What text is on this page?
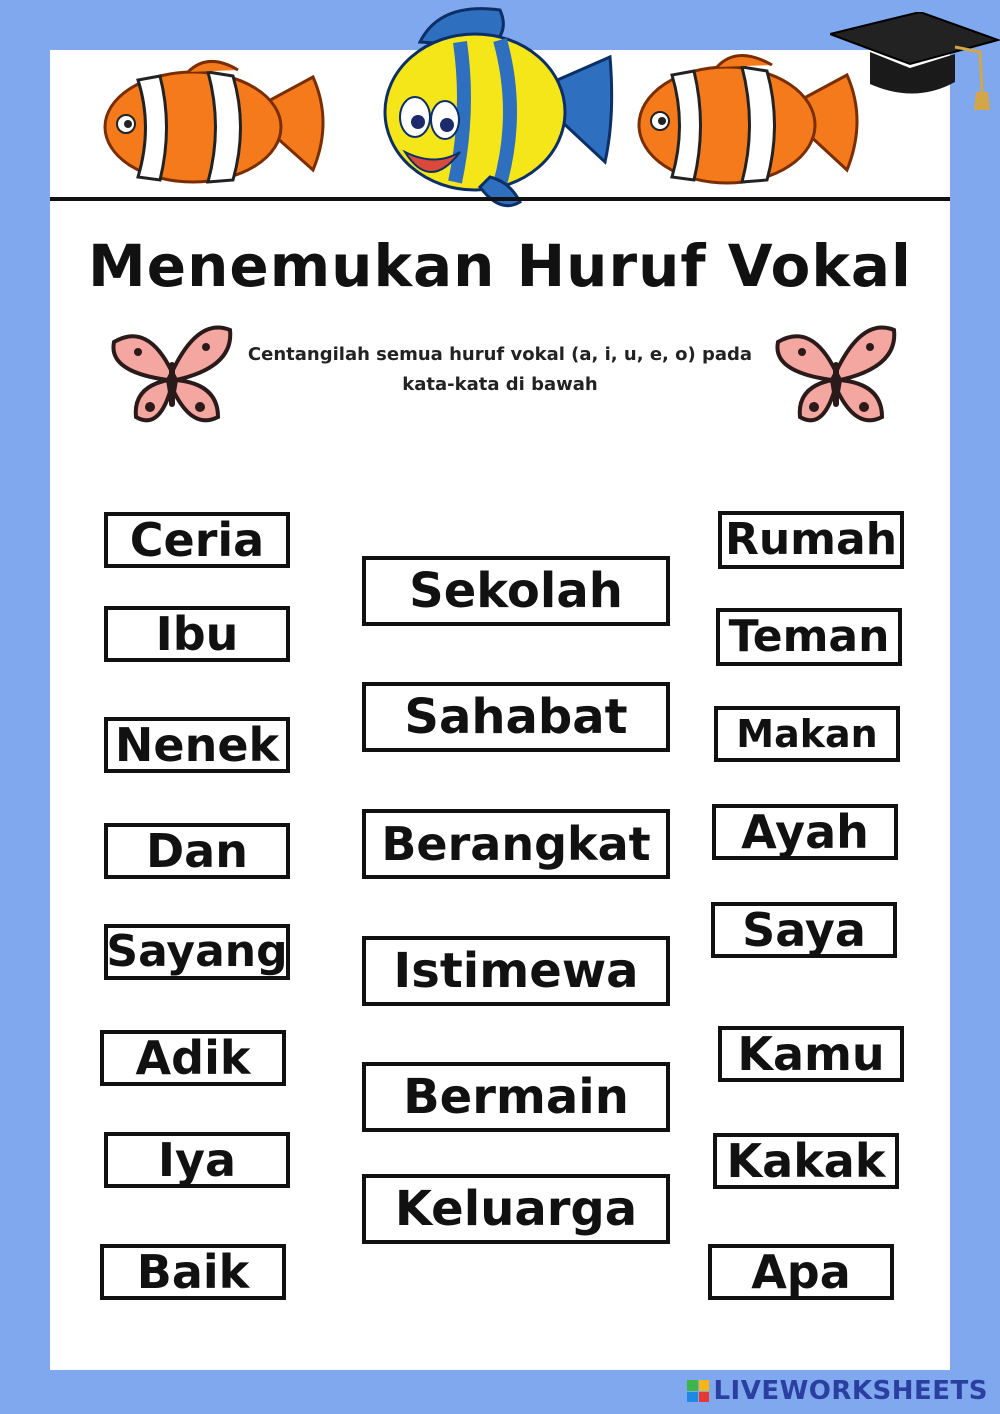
Menemukan Huruf Vokal
Centangilah semua huruf vokal (a, i, u, e, o) pada
kata-kata di bawah
Ceria
Ibu
Nenek
Dan
Sayang
Adik
Iya
Baik
Sekolah
Sahabat
Berangkat
Istimewa
Bermain
Keluarga
Rumah
Teman
Makan
Ayah
Saya
Kamu
Kakak
Apa
LIVEWORKSHEETS
